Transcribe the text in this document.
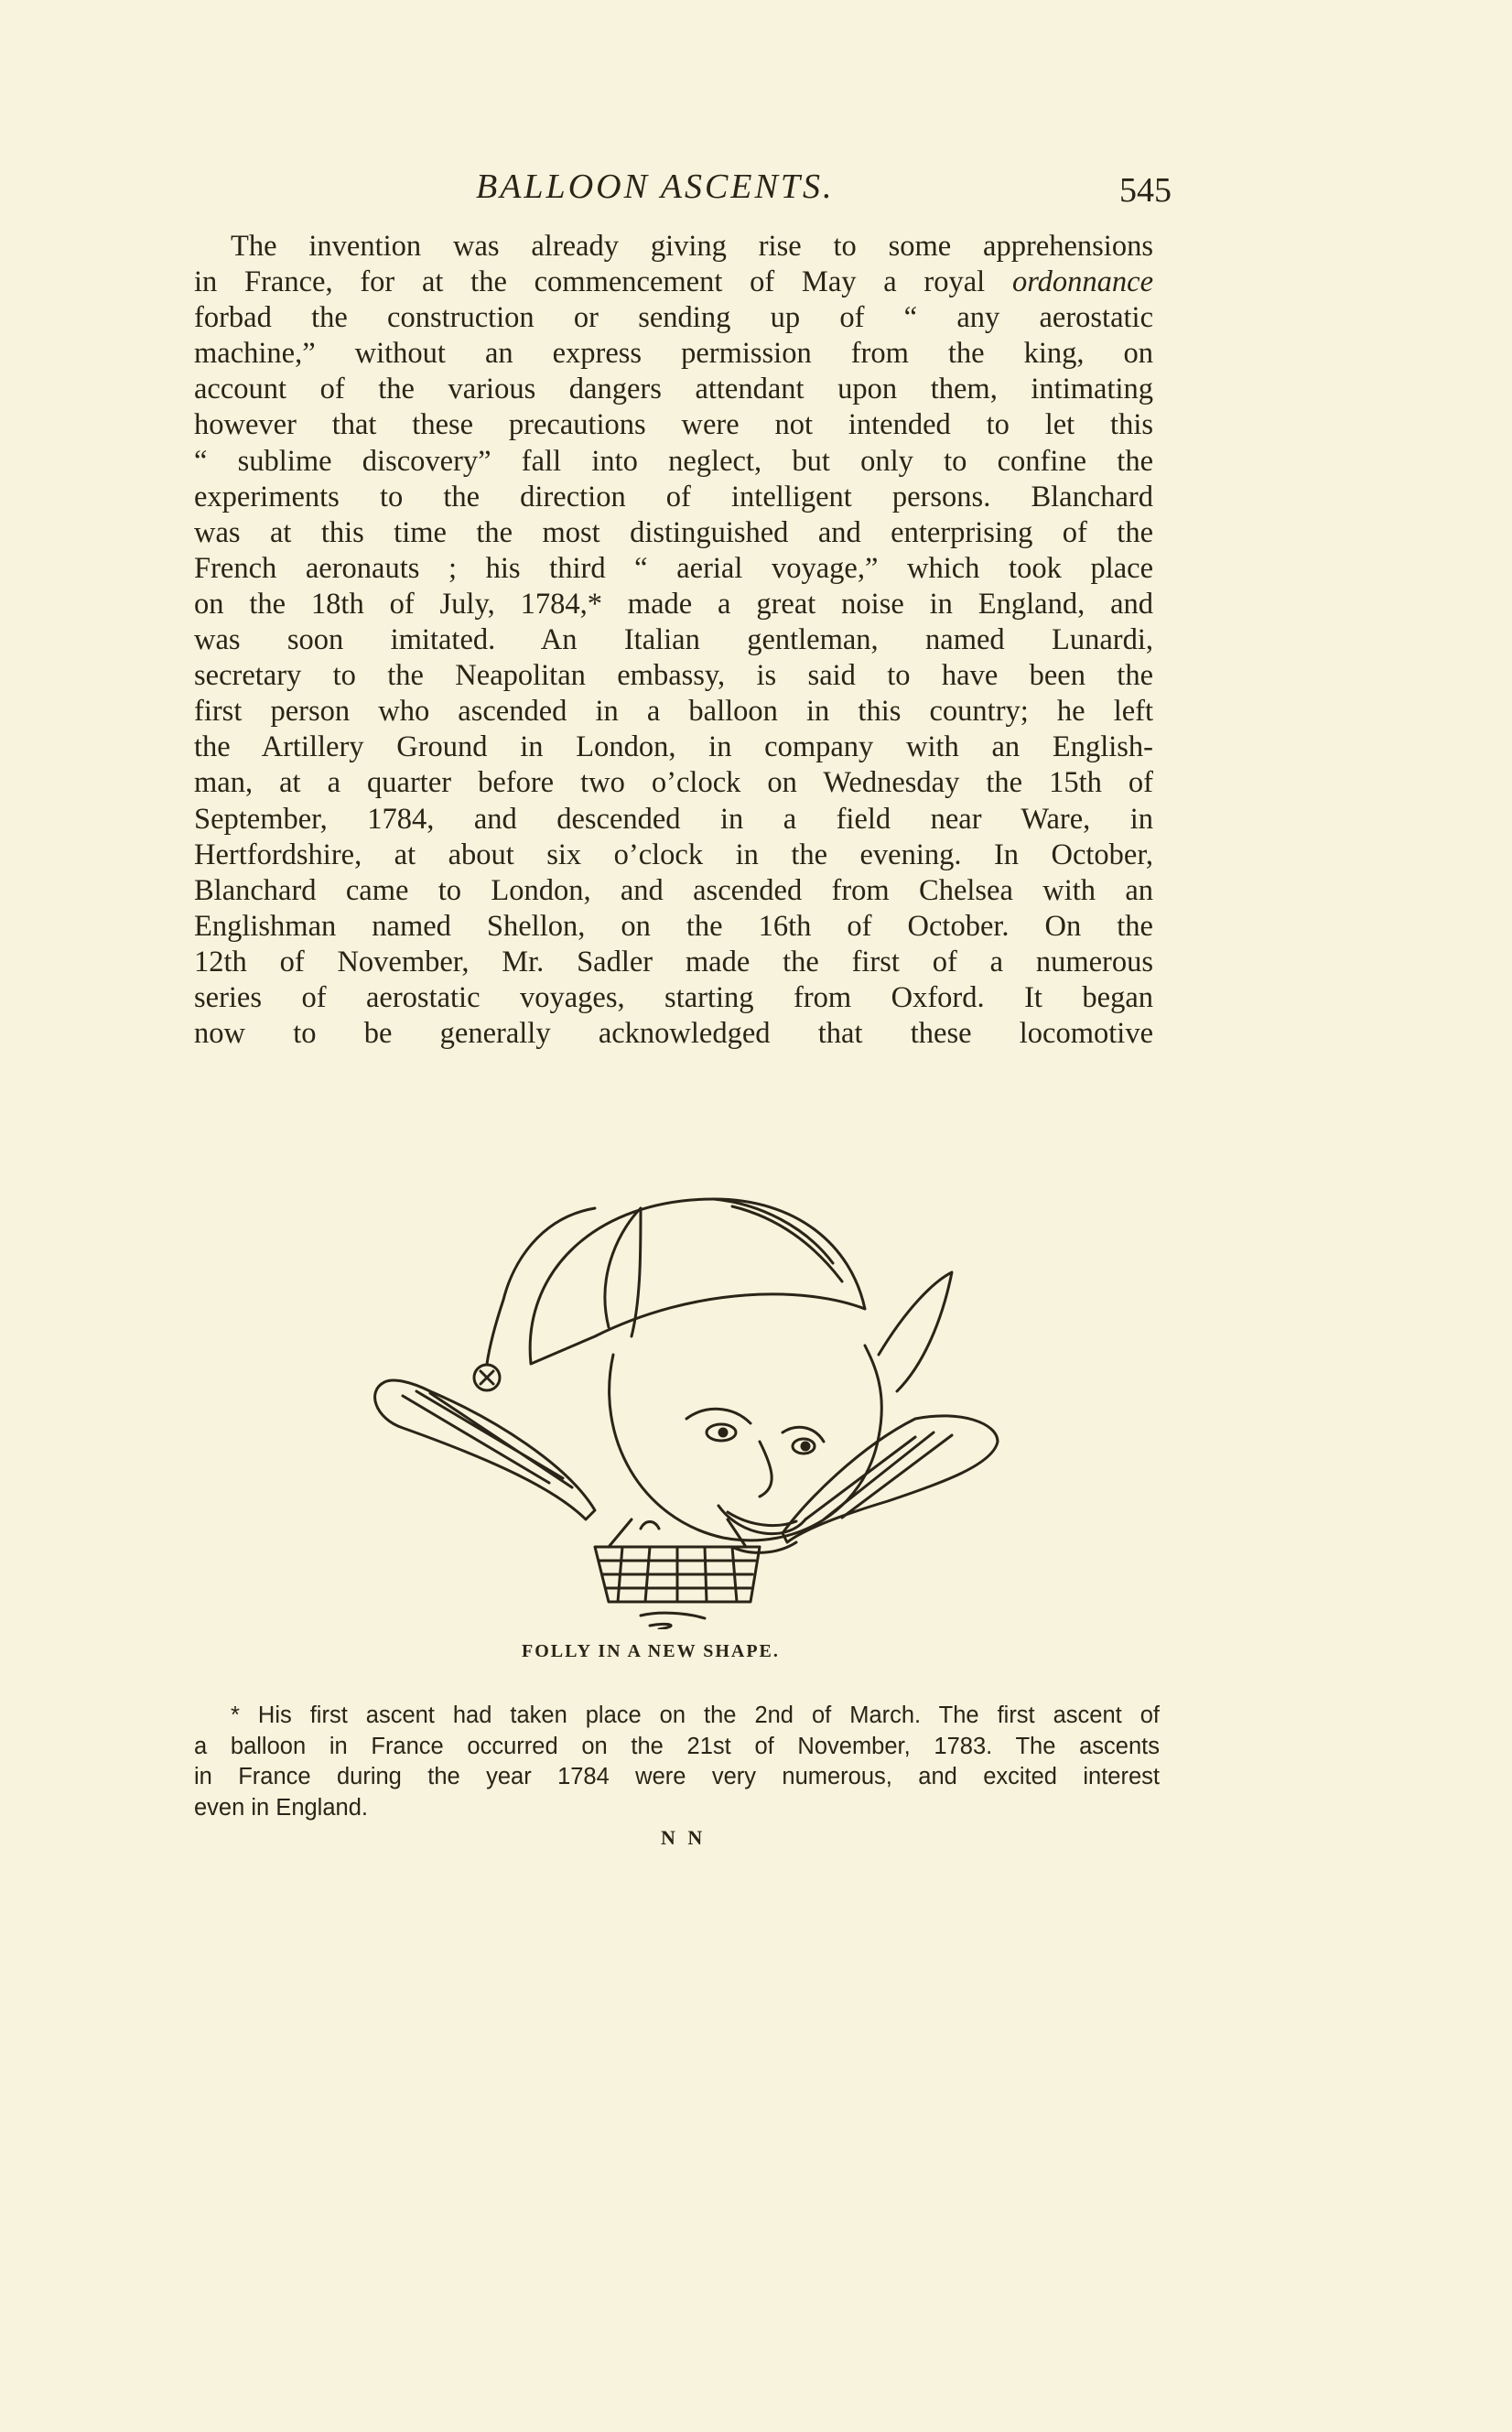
BALLOON ASCENTS.	545
The invention was already giving rise to some apprehensions
in France, for at the commencement of May a royal ordonnance
forbad the construction or sending up of “ any aerostatic
machine,” without an express permission from the king, on
account of the various dangers attendant upon them, intimating
however that these precautions were not intended to let this
“ sublime discovery” fall into neglect, but only to confine the
experiments to the direction of intelligent persons. Blanchard
was at this time the most distinguished and enterprising of the
French aeronauts ; his third “ aerial voyage,” which took place
on the 18th of July, 1784,* made a great noise in England, and
was soon imitated. An Italian gentleman, named Lunardi,
secretary to the Neapolitan embassy, is said to have been the
first person who ascended in a balloon in this country; he left
the Artillery Ground in London, in company with an English-
man, at a quarter before two o’clock on Wednesday the 15th of
September, 1784, and descended in a field near Ware, in
Hertfordshire, at about six o’clock in the evening. In October,
Blanchard came to London, and ascended from Chelsea with an
Englishman named Shellon, on the 16th of October. On the
12th of November, Mr. Sadler made the first of a numerous
series of aerostatic voyages, starting from Oxford. It began
now to be generally acknowledged that these locomotive
FOLLY IN A NEW SHAPE.
* His first ascent had taken place on the 2nd of March. The first ascent of
a balloon in France occurred on the 21st of November, 1783. The ascents
in France during the year 1784 were very numerous, and excited interest
even in England.
N N
